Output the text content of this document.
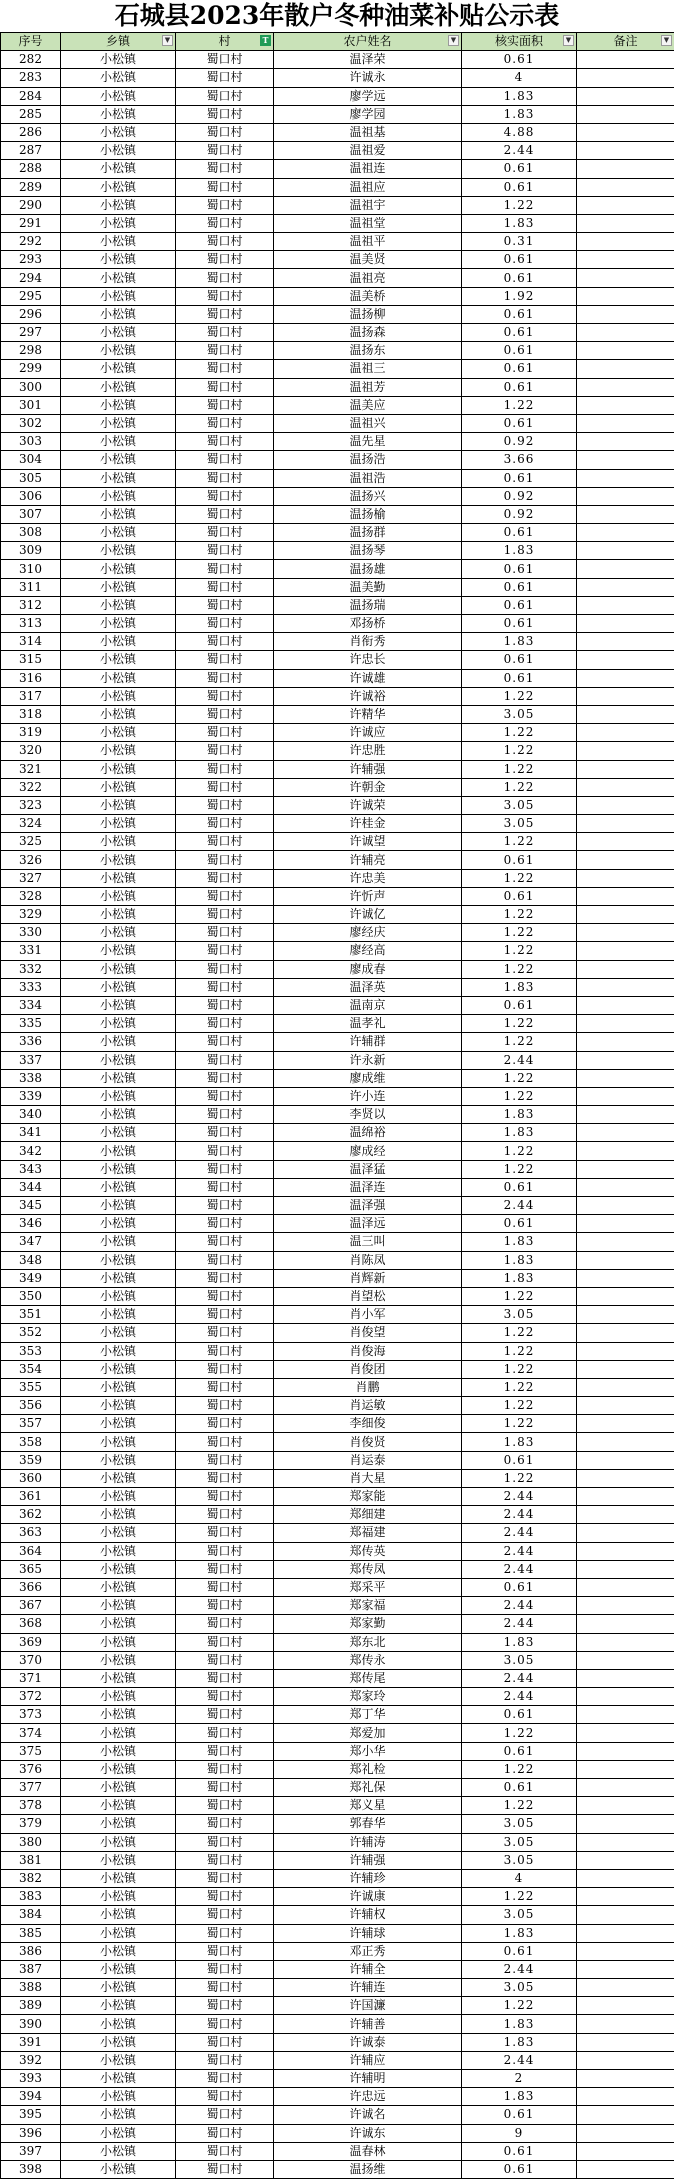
石城县2023年散户冬种油菜补贴公示表
序号	乡镇 ▼	村 T	农户姓名 ▼	核实面积 ▼	备注 ▼

282	小松镇	蜀口村	温泽荣	0.61	
283	小松镇	蜀口村	许诚永	4	
284	小松镇	蜀口村	廖学远	1.83	
285	小松镇	蜀口村	廖学园	1.83	
286	小松镇	蜀口村	温祖基	4.88	
287	小松镇	蜀口村	温祖爱	2.44	
288	小松镇	蜀口村	温祖连	0.61	
289	小松镇	蜀口村	温祖应	0.61	
290	小松镇	蜀口村	温祖宇	1.22	
291	小松镇	蜀口村	温祖堂	1.83	
292	小松镇	蜀口村	温祖平	0.31	
293	小松镇	蜀口村	温美贤	0.61	
294	小松镇	蜀口村	温祖亮	0.61	
295	小松镇	蜀口村	温美桥	1.92	
296	小松镇	蜀口村	温扬柳	0.61	
297	小松镇	蜀口村	温扬森	0.61	
298	小松镇	蜀口村	温扬东	0.61	
299	小松镇	蜀口村	温祖三	0.61	
300	小松镇	蜀口村	温祖芳	0.61	
301	小松镇	蜀口村	温美应	1.22	
302	小松镇	蜀口村	温祖兴	0.61	
303	小松镇	蜀口村	温先星	0.92	
304	小松镇	蜀口村	温扬浩	3.66	
305	小松镇	蜀口村	温祖浩	0.61	
306	小松镇	蜀口村	温扬兴	0.92	
307	小松镇	蜀口村	温扬榆	0.92	
308	小松镇	蜀口村	温扬群	0.61	
309	小松镇	蜀口村	温扬琴	1.83	
310	小松镇	蜀口村	温扬雄	0.61	
311	小松镇	蜀口村	温美勤	0.61	
312	小松镇	蜀口村	温扬瑞	0.61	
313	小松镇	蜀口村	邓扬桥	0.61	
314	小松镇	蜀口村	肖衔秀	1.83	
315	小松镇	蜀口村	许忠长	0.61	
316	小松镇	蜀口村	许诚雄	0.61	
317	小松镇	蜀口村	许诚裕	1.22	
318	小松镇	蜀口村	许精华	3.05	
319	小松镇	蜀口村	许诚应	1.22	
320	小松镇	蜀口村	许忠胜	1.22	
321	小松镇	蜀口村	许辅强	1.22	
322	小松镇	蜀口村	许朝金	1.22	
323	小松镇	蜀口村	许诚荣	3.05	
324	小松镇	蜀口村	许桂金	3.05	
325	小松镇	蜀口村	许诚望	1.22	
326	小松镇	蜀口村	许辅亮	0.61	
327	小松镇	蜀口村	许忠美	1.22	
328	小松镇	蜀口村	许忻声	0.61	
329	小松镇	蜀口村	许诚亿	1.22	
330	小松镇	蜀口村	廖经庆	1.22	
331	小松镇	蜀口村	廖经高	1.22	
332	小松镇	蜀口村	廖成春	1.22	
333	小松镇	蜀口村	温泽英	1.83	
334	小松镇	蜀口村	温南京	0.61	
335	小松镇	蜀口村	温孝礼	1.22	
336	小松镇	蜀口村	许辅群	1.22	
337	小松镇	蜀口村	许永新	2.44	
338	小松镇	蜀口村	廖成维	1.22	
339	小松镇	蜀口村	许小连	1.22	
340	小松镇	蜀口村	李贤以	1.83	
341	小松镇	蜀口村	温绵裕	1.83	
342	小松镇	蜀口村	廖成经	1.22	
343	小松镇	蜀口村	温泽猛	1.22	
344	小松镇	蜀口村	温泽连	0.61	
345	小松镇	蜀口村	温泽强	2.44	
346	小松镇	蜀口村	温泽远	0.61	
347	小松镇	蜀口村	温三叫	1.83	
348	小松镇	蜀口村	肖陈凤	1.83	
349	小松镇	蜀口村	肖辉新	1.83	
350	小松镇	蜀口村	肖望松	1.22	
351	小松镇	蜀口村	肖小军	3.05	
352	小松镇	蜀口村	肖俊望	1.22	
353	小松镇	蜀口村	肖俊海	1.22	
354	小松镇	蜀口村	肖俊团	1.22	
355	小松镇	蜀口村	肖鹏	1.22	
356	小松镇	蜀口村	肖运敏	1.22	
357	小松镇	蜀口村	李细俊	1.22	
358	小松镇	蜀口村	肖俊贤	1.83	
359	小松镇	蜀口村	肖运泰	0.61	
360	小松镇	蜀口村	肖大星	1.22	
361	小松镇	蜀口村	郑家能	2.44	
362	小松镇	蜀口村	郑细建	2.44	
363	小松镇	蜀口村	郑福建	2.44	
364	小松镇	蜀口村	郑传英	2.44	
365	小松镇	蜀口村	郑传凤	2.44	
366	小松镇	蜀口村	郑采平	0.61	
367	小松镇	蜀口村	郑家福	2.44	
368	小松镇	蜀口村	郑家勤	2.44	
369	小松镇	蜀口村	郑东北	1.83	
370	小松镇	蜀口村	郑传永	3.05	
371	小松镇	蜀口村	郑传尾	2.44	
372	小松镇	蜀口村	郑家玲	2.44	
373	小松镇	蜀口村	郑丁华	0.61	
374	小松镇	蜀口村	郑爱加	1.22	
375	小松镇	蜀口村	郑小华	0.61	
376	小松镇	蜀口村	郑礼检	1.22	
377	小松镇	蜀口村	郑礼保	0.61	
378	小松镇	蜀口村	郑义星	1.22	
379	小松镇	蜀口村	郭春华	3.05	
380	小松镇	蜀口村	许辅涛	3.05	
381	小松镇	蜀口村	许辅强	3.05	
382	小松镇	蜀口村	许辅珍	4	
383	小松镇	蜀口村	许诚康	1.22	
384	小松镇	蜀口村	许辅权	3.05	
385	小松镇	蜀口村	许辅球	1.83	
386	小松镇	蜀口村	邓正秀	0.61	
387	小松镇	蜀口村	许辅全	2.44	
388	小松镇	蜀口村	许辅连	3.05	
389	小松镇	蜀口村	许国濂	1.22	
390	小松镇	蜀口村	许辅善	1.83	
391	小松镇	蜀口村	许诚泰	1.83	
392	小松镇	蜀口村	许辅应	2.44	
393	小松镇	蜀口村	许辅明	2	
394	小松镇	蜀口村	许忠远	1.83	
395	小松镇	蜀口村	许诚名	0.61	
396	小松镇	蜀口村	许诚东	9	
397	小松镇	蜀口村	温春林	0.61	
398	小松镇	蜀口村	温扬维	0.61	
